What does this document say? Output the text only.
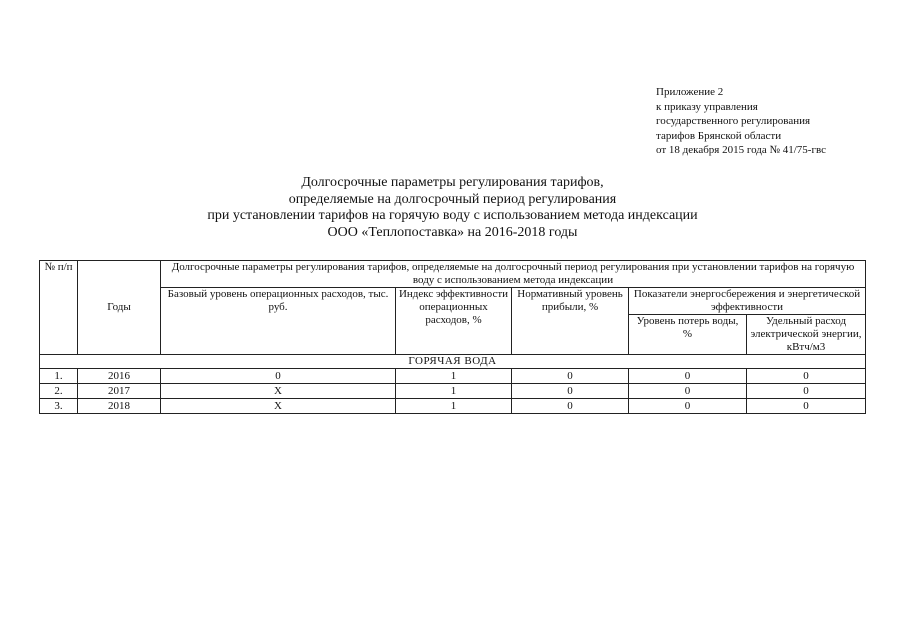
Приложение 2
к приказу управления
государственного регулирования
тарифов Брянской области
от 18 декабря 2015 года № 41/75-гвс
Долгосрочные параметры регулирования тарифов,
определяемые на долгосрочный период регулирования
при установлении тарифов на горячую воду с использованием метода индексации
ООО «Теплопоставка» на 2016-2018 годы
№ п/п	Годы	Долгосрочные параметры регулирования тарифов, определяемые на долгосрочный период регулирования при установлении тарифов на горячую воду с использованием метода индексации				
		Базовый уровень операционных расходов, тыс. руб.	Индекс эффективности операционных расходов, %	Нормативный уровень прибыли, %	Показатели энергосбережения и энергетической эффективности	
					Уровень потерь воды, %	Удельный расход электрической энергии, кВтч/м3
ГОРЯЧАЯ ВОДА						
1.	2016	0	1	0	0	0
2.	2017	Х	1	0	0	0
3.	2018	Х	1	0	0	0
